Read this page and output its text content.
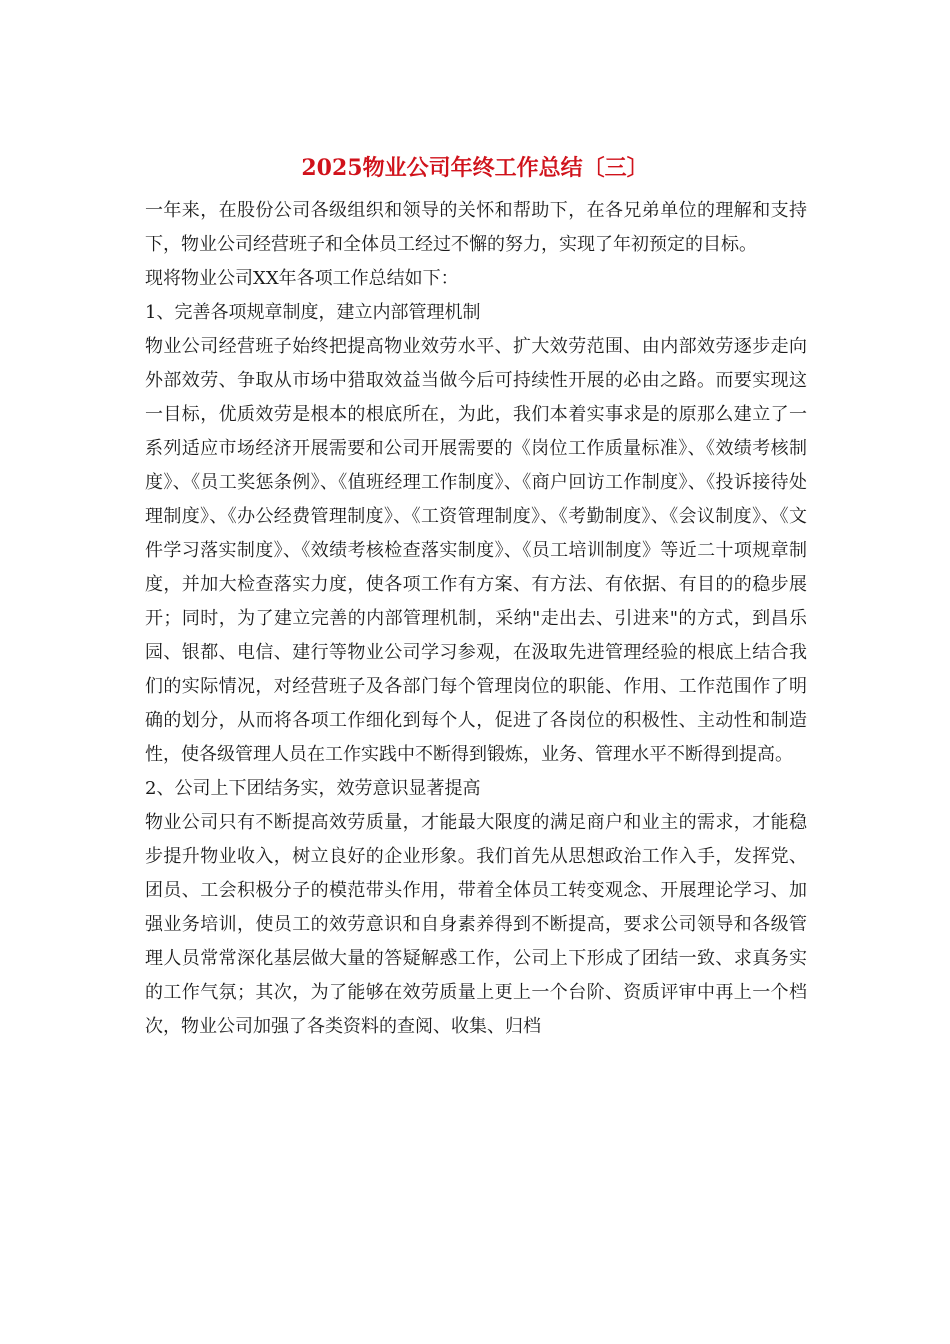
2025物业公司年终工作总结〔三〕

一年来，在股份公司各级组织和领导的关怀和帮助下，在各兄弟单位的理解和支持下，物业公司经营班子和全体员工经过不懈的努力，实现了年初预定的目标。

现将物业公司XX年各项工作总结如下：

1、完善各项规章制度，建立内部管理机制

物业公司经营班子始终把提高物业效劳水平、扩大效劳范围、由内部效劳逐步走向外部效劳、争取从市场中猎取效益当做今后可持续性开展的必由之路。而要实现这一目标，优质效劳是根本的根底所在，为此，我们本着实事求是的原那么建立了一系列适应市场经济开展需要和公司开展需要的《岗位工作质量标准》、《效绩考核制度》、《员工奖惩条例》、《值班经理工作制度》、《商户回访工作制度》、《投诉接待处理制度》、《办公经费管理制度》、《工资管理制度》、《考勤制度》、《会议制度》、《文件学习落实制度》、《效绩考核检查落实制度》、《员工培训制度》等近二十项规章制度，并加大检查落实力度，使各项工作有方案、有方法、有依据、有目的的稳步展开；同时，为了建立完善的内部管理机制，采纳"走出去、引进来"的方式，到昌乐园、银都、电信、建行等物业公司学习参观，在汲取先进管理经验的根底上结合我们的实际情况，对经营班子及各部门每个管理岗位的职能、作用、工作范围作了明确的划分，从而将各项工作细化到每个人，促进了各岗位的积极性、主动性和制造性，使各级管理人员在工作实践中不断得到锻炼，业务、管理水平不断得到提高。

2、公司上下团结务实，效劳意识显著提高

物业公司只有不断提高效劳质量，才能最大限度的满足商户和业主的需求，才能稳步提升物业收入，树立良好的企业形象。我们首先从思想政治工作入手，发挥党、团员、工会积极分子的模范带头作用，带着全体员工转变观念、开展理论学习、加强业务培训，使员工的效劳意识和自身素养得到不断提高，要求公司领导和各级管理人员常常深化基层做大量的答疑解惑工作，公司上下形成了团结一致、求真务实的工作气氛；其次，为了能够在效劳质量上更上一个台阶、资质评审中再上一个档次，物业公司加强了各类资料的查阅、收集、归档
